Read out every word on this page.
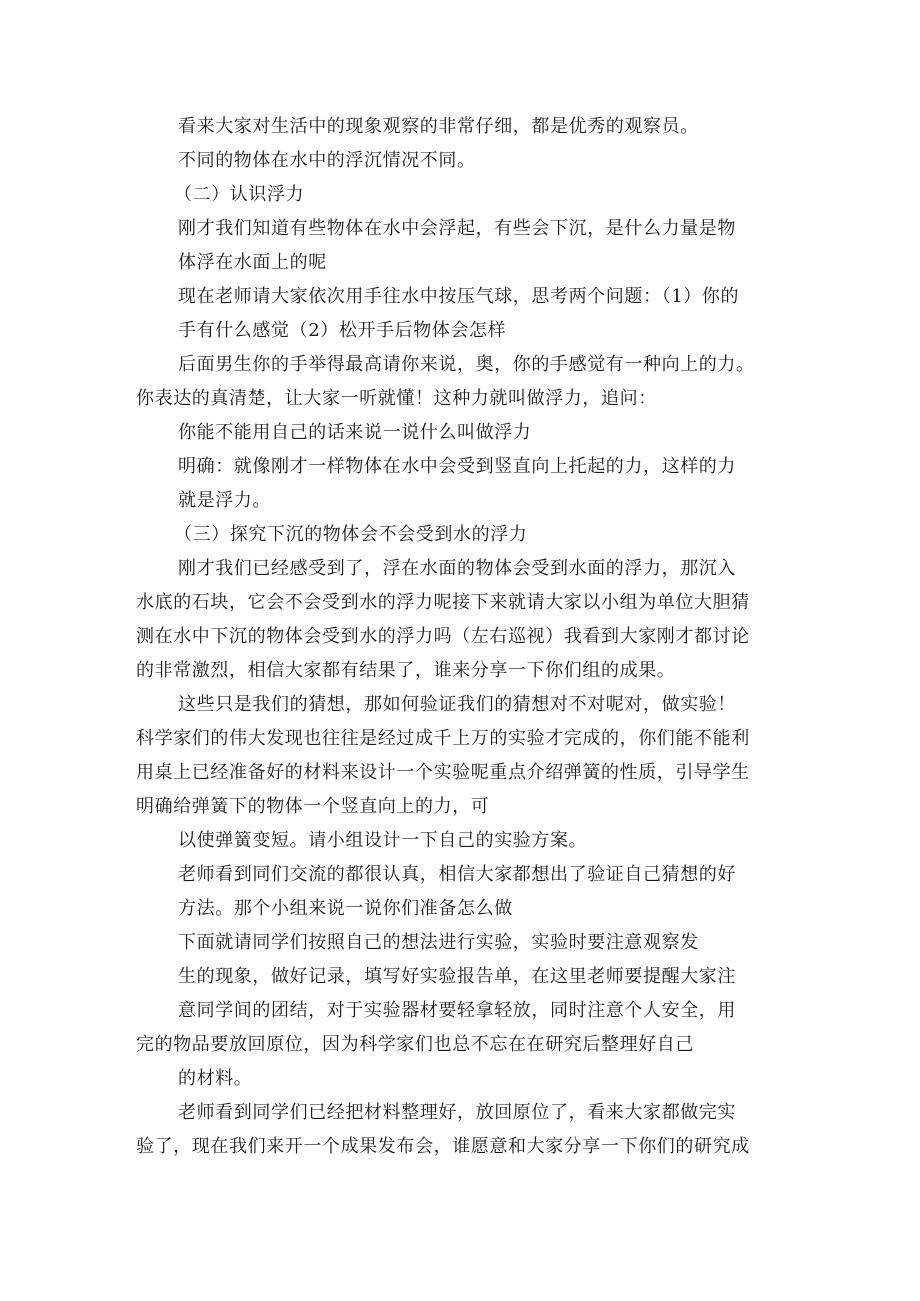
看来大家对生活中的现象观察的非常仔细，都是优秀的观察员。
不同的物体在水中的浮沉情况不同。
（二）认识浮力
刚才我们知道有些物体在水中会浮起，有些会下沉，是什么力量是物
体浮在水面上的呢
现在老师请大家依次用手往水中按压气球，思考两个问题：（1）你的
手有什么感觉（2）松开手后物体会怎样
后面男生你的手举得最高请你来说，奥，你的手感觉有一种向上的力。
你表达的真清楚，让大家一听就懂！这种力就叫做浮力，追问：
你能不能用自己的话来说一说什么叫做浮力
明确：就像刚才一样物体在水中会受到竖直向上托起的力，这样的力
就是浮力。
（三）探究下沉的物体会不会受到水的浮力
刚才我们已经感受到了，浮在水面的物体会受到水面的浮力，那沉入
水底的石块，它会不会受到水的浮力呢接下来就请大家以小组为单位大胆猜
测在水中下沉的物体会受到水的浮力吗（左右巡视）我看到大家刚才都讨论
的非常激烈，相信大家都有结果了，谁来分享一下你们组的成果。
这些只是我们的猜想，那如何验证我们的猜想对不对呢对，做实验！
科学家们的伟大发现也往往是经过成千上万的实验才完成的，你们能不能利
用桌上已经准备好的材料来设计一个实验呢重点介绍弹簧的性质，引导学生
明确给弹簧下的物体一个竖直向上的力，可
以使弹簧变短。请小组设计一下自己的实验方案。
老师看到同们交流的都很认真，相信大家都想出了验证自己猜想的好
方法。那个小组来说一说你们准备怎么做
下面就请同学们按照自己的想法进行实验，实验时要注意观察发
生的现象，做好记录，填写好实验报告单，在这里老师要提醒大家注
意同学间的团结，对于实验器材要轻拿轻放，同时注意个人安全，用
完的物品要放回原位，因为科学家们也总不忘在在研究后整理好自己
的材料。
老师看到同学们已经把材料整理好，放回原位了，看来大家都做完实
验了，现在我们来开一个成果发布会，谁愿意和大家分享一下你们的研究成
